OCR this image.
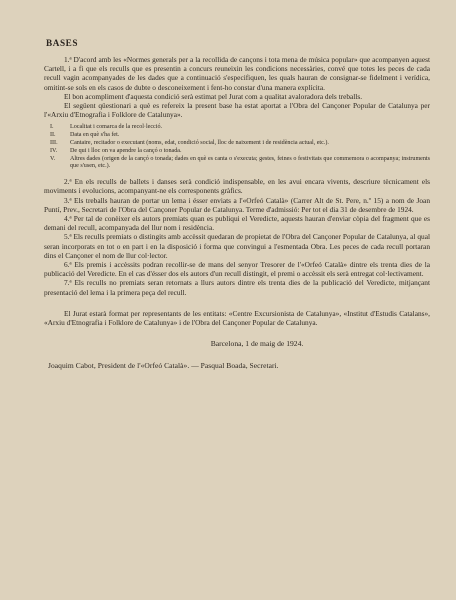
BASES

1.ª D'acord amb les «Normes generals per a la recollida de cançons i tota mena de música popular» que acompanyen aquest Cartell, i a fi que els reculls que es presentin a concurs reuneixin les condicions necessàries, convé que totes les peces de cada recull vagin acompanyades de les dades que a continuació s'especifiquen, les quals hauran de consignar-se fidelment i verídica, omitint-se sols en els casos de dubte o desconeixement i fent-ho constar d'una manera explícita.

El bon acompliment d'aquesta condició serà estimat pel Jurat com a qualitat avaloradora dels treballs.

El següent qüestionari a què es refereix la present base ha estat aportat a l'Obra del Cançoner Popular de Catalunya per l'«Arxiu d'Etnografia i Folklore de Catalunya».

I.	Localitat i comarca de la recol·lecció.
II.	Data en què s'ha fet.
III.	Cantaire, recitador o executant (noms, edat, condició social, lloc de naixement i de residència actual, etc.).
IV.	De qui i lloc on va apendre la cançó o tonada.
V.	Altres dades (origen de la cançó o tonada; dades en què es canta o s'executa; gestes, feines o festivitats que commemora o acompanya; instruments que s'usen, etc.).

2.ª En els reculls de ballets i danses serà condició indispensable, en les avui encara vivents, descriure tècnicament els moviments i evolucions, acompanyant-ne els corresponents gràfics.

3.ª Els treballs hauran de portar un lema i ésser enviats a l'«Orfeó Català» (Carrer Alt de St. Pere, n.º 15) a nom de Joan Puntí, Prev., Secretari de l'Obra del Cançoner Popular de Catalunya. Terme d'admissió: Per tot el dia 31 de desembre de 1924.

4.ª Per tal de conèixer els autors premiats quan es publiqui el Veredicte, aquests hauran d'enviar còpia del fragment que es demani del recull, acompanyada del llur nom i residència.

5.ª Els reculls premiats o distingits amb accèssit quedaran de propietat de l'Obra del Cançoner Popular de Catalunya, al qual seran incorporats en tot o en part i en la disposició i forma que convingui a l'esmentada Obra. Les peces de cada recull portaran dins el Cançoner el nom de llur col·lector.

6.ª Els premis i accèssits podran recollir-se de mans del senyor Tresorer de l'«Orfeó Català» dintre els trenta dies de la publicació del Veredicte. En el cas d'ésser dos els autors d'un recull distingit, el premi o accèssit els serà entregat col·lectivament.

7.ª Els reculls no premiats seran retornats a llurs autors dintre els trenta dies de la publicació del Veredicte, mitjançant presentació del lema i la primera peça del recull.

El Jurat estarà format per representants de les entitats: «Centre Excursionista de Catalunya», «Institut d'Estudis Catalans», «Arxiu d'Etnografia i Folklore de Catalunya» i de l'Obra del Cançoner Popular de Catalunya.

Barcelona, 1 de maig de 1924.
Joaquim Cabot, President de l'«Orfeó Català». — Pasqual Boada, Secretari.
